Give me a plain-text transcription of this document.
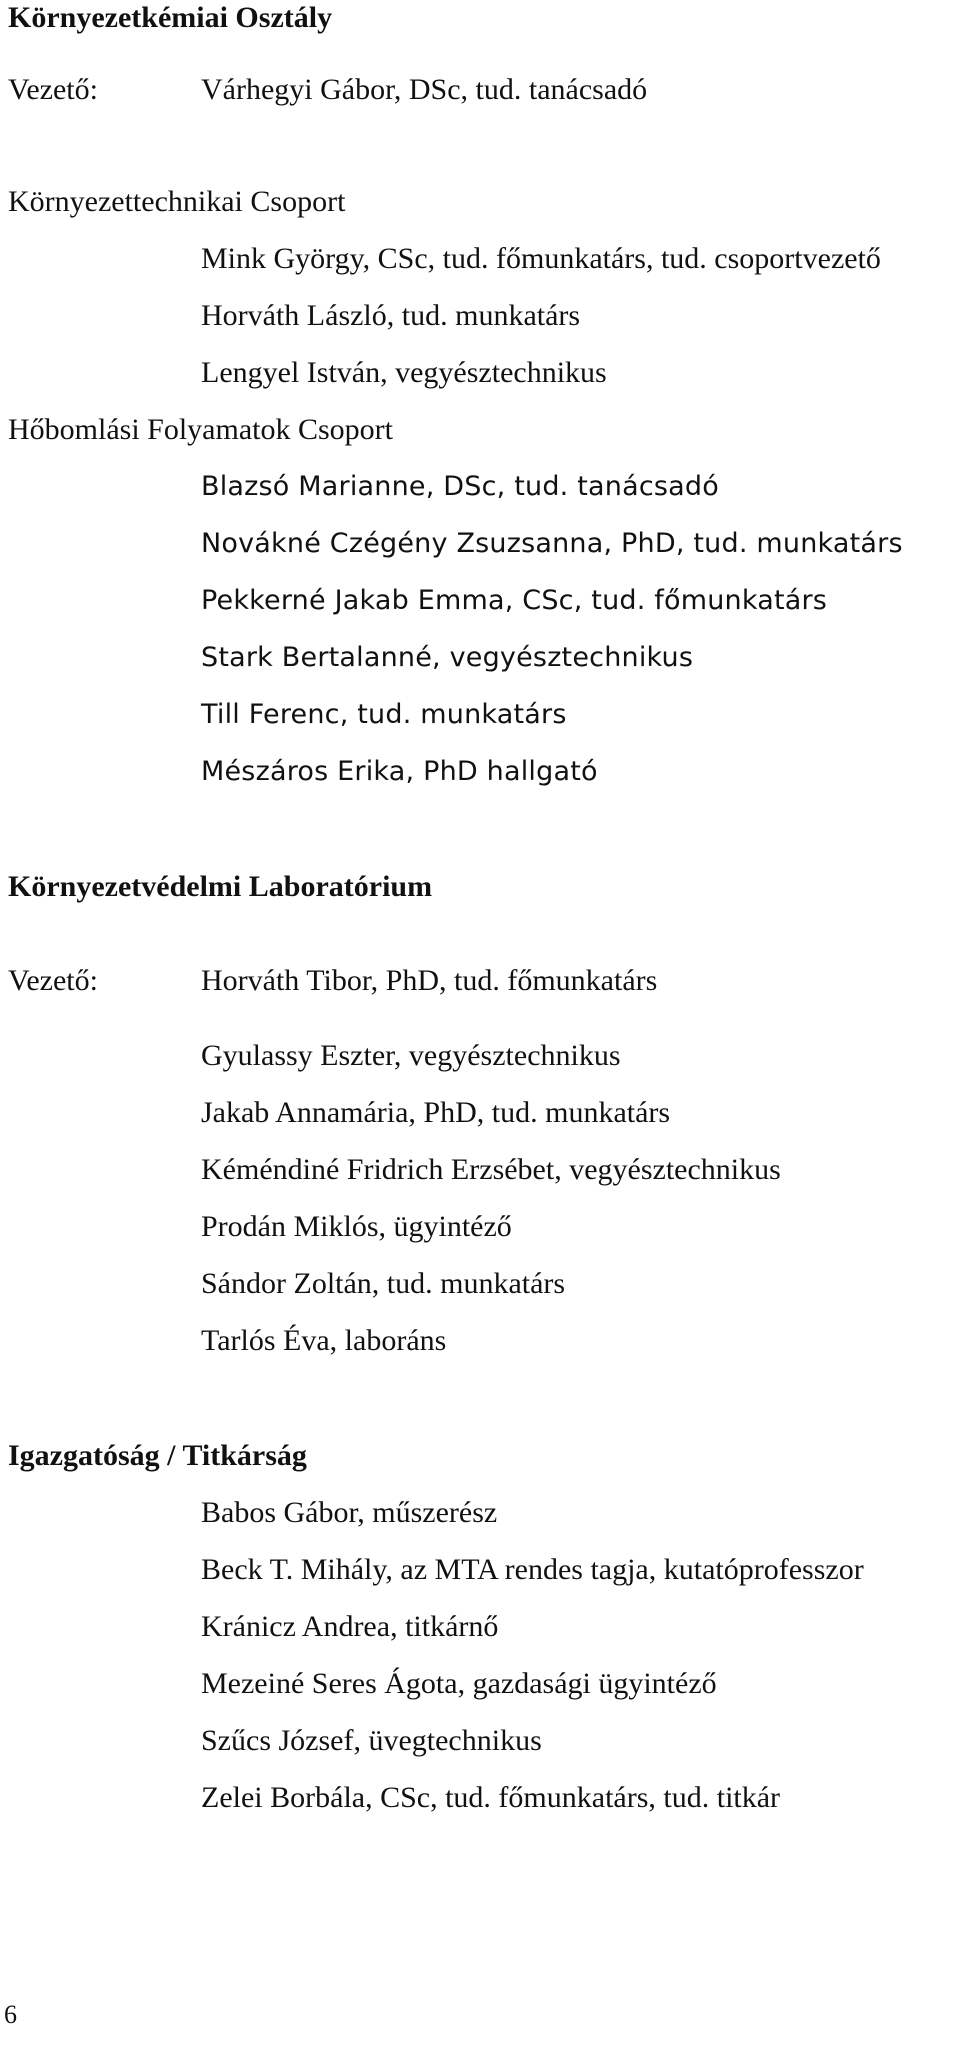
Környezetkémiai Osztály
Vezető:	Várhegyi Gábor, DSc, tud. tanácsadó
Környezettechnikai Csoport
Mink György, CSc, tud. főmunkatárs, tud. csoportvezető
Horváth László, tud. munkatárs
Lengyel István, vegyésztechnikus
Hőbomlási Folyamatok Csoport
Blazsó Marianne, DSc, tud. tanácsadó
Novákné Czégény Zsuzsanna, PhD, tud. munkatárs
Pekkerné Jakab Emma, CSc, tud. főmunkatárs
Stark Bertalanné, vegyésztechnikus
Till Ferenc, tud. munkatárs
Mészáros Erika, PhD hallgató
Környezetvédelmi Laboratórium
Vezető:	Horváth Tibor, PhD, tud. főmunkatárs
Gyulassy Eszter, vegyésztechnikus
Jakab Annamária, PhD, tud. munkatárs
Kéméndiné Fridrich Erzsébet, vegyésztechnikus
Prodán Miklós, ügyintéző
Sándor Zoltán, tud. munkatárs
Tarlós Éva, laboráns
Igazgatóság / Titkárság
Babos Gábor, műszerész
Beck T. Mihály, az MTA rendes tagja, kutatóprofesszor
Kránicz Andrea, titkárnő
Mezeiné Seres Ágota, gazdasági ügyintéző
Szűcs József, üvegtechnikus
Zelei Borbála, CSc, tud. főmunkatárs, tud. titkár
6
